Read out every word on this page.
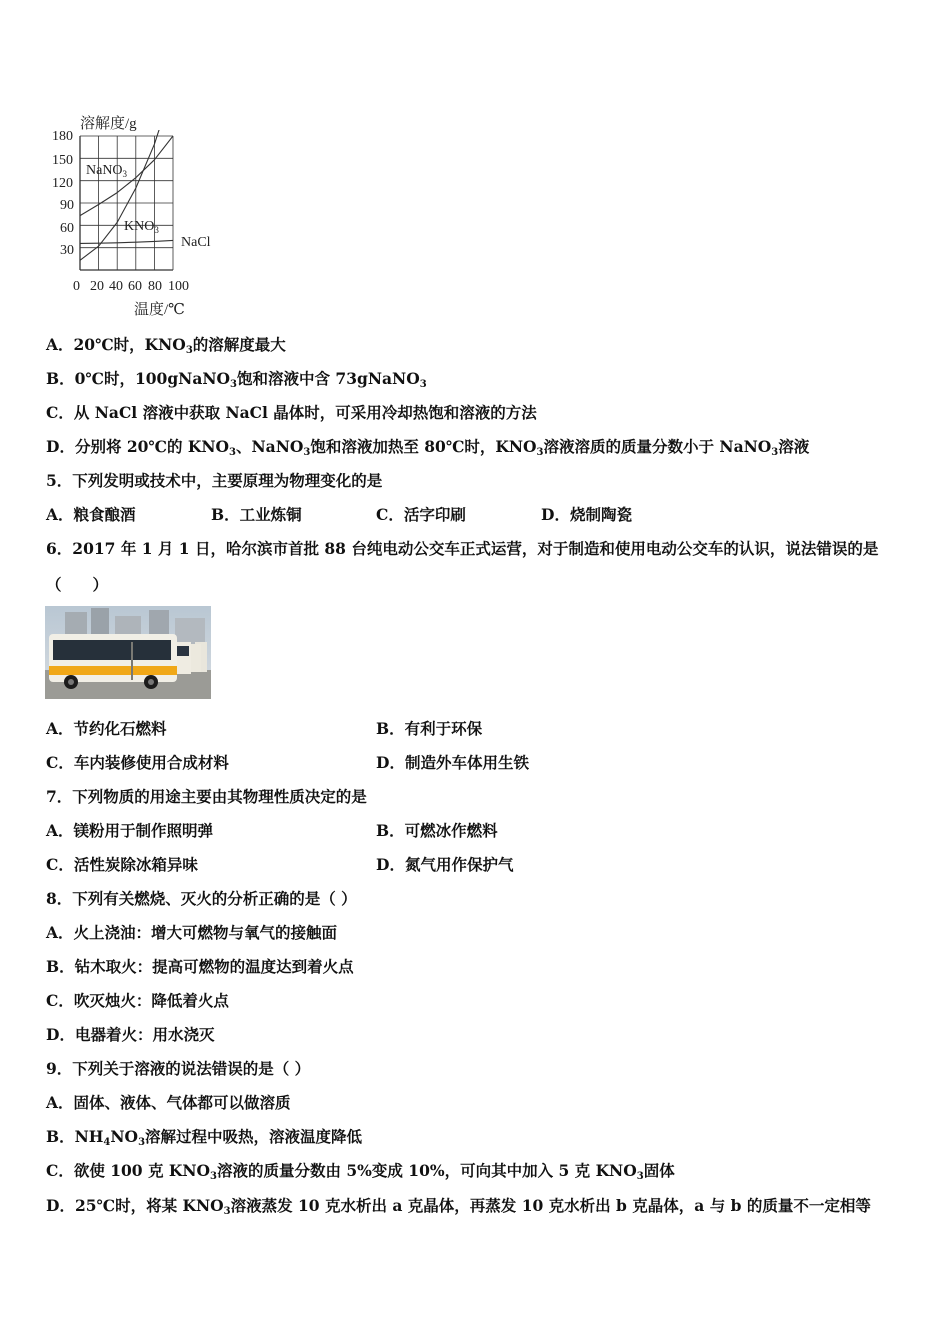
溶解度/g
180
150
120
90
60
30
0 20 40 60 80 100
温度/℃
NaNO$_3$
$KNO_3$
NaCl
A．20℃时，$KNO_3$的溶解度最大
B．0℃时，100gNaNO$_3$饱和溶液中含 73gNaNO$_3$
C．从 NaCl 溶液中获取 NaCl 晶体时，可采用冷却热饱和溶液的方法
D．分别将 20℃的 $KNO_3$、NaNO$_3$饱和溶液加热至 80℃时，$KNO_3$溶液溶质的质量分数小于 NaNO$_3$溶液
5．下列发明或技术中，主要原理为物理变化的是
A．粮食酿酒	B．工业炼铜	C．活字印刷	D．烧制陶瓷
6．2017 年 1 月 1 日，哈尔滨市首批 88 台纯电动公交车正式运营，对于制造和使用电动公交车的认识，说法错误的是
（　　）
A．节约化石燃料	B．有利于环保
C．车内装修使用合成材料	D．制造外车体用生铁
7．下列物质的用途主要由其物理性质决定的是
A．镁粉用于制作照明弹	B．可燃冰作燃料
C．活性炭除冰箱异味	D．氮气用作保护气
8．下列有关燃烧、灭火的分析正确的是（ ）
A．火上浇油：增大可燃物与氧气的接触面
B．钻木取火：提高可燃物的温度达到着火点
C．吹灭烛火：降低着火点
D．电器着火：用水浇灭
9．下列关于溶液的说法错误的是（ ）
A．固体、液体、气体都可以做溶质
B．$NH_4NO_3$溶解过程中吸热，溶液温度降低
C．欲使 100 克 $KNO_3$溶液的质量分数由 5%变成 10%，可向其中加入 5 克 $KNO_3$固体
D．25℃时，将某 $KNO_3$溶液蒸发 10 克水析出 a 克晶体，再蒸发 10 克水析出 b 克晶体，a 与 b 的质量不一定相等
